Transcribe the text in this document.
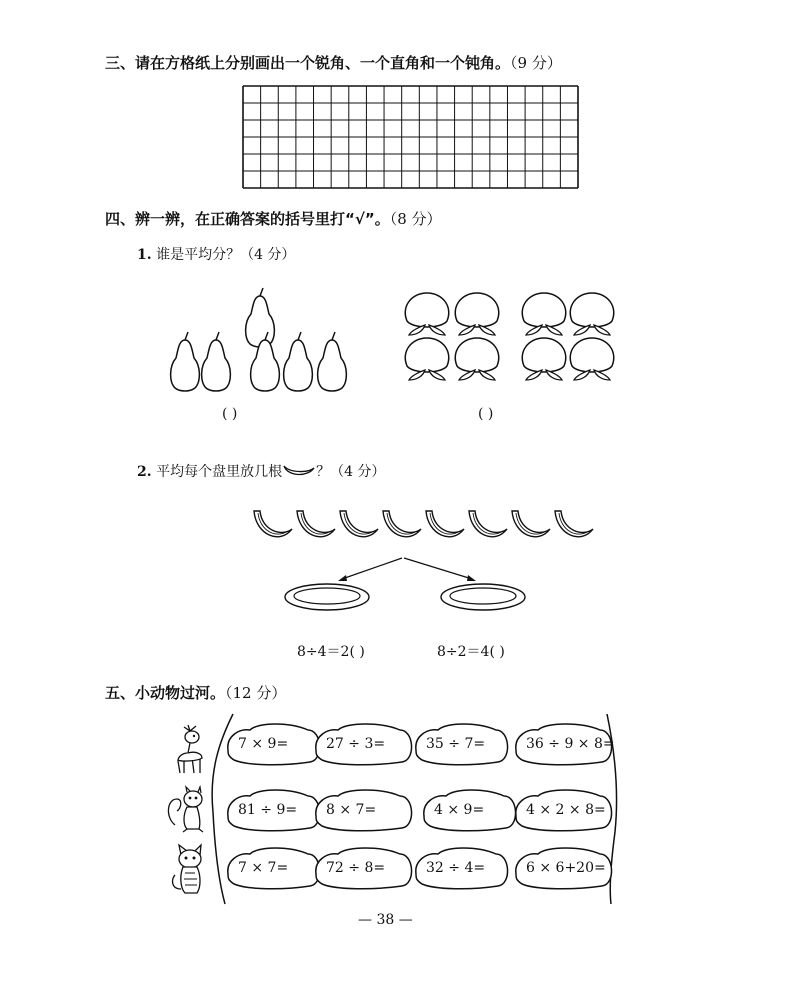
三、请在方格纸上分别画出一个锐角、一个直角和一个钝角。（9 分）
四、辨一辨，在正确答案的括号里打“√”。（8 分）
1. 谁是平均分？（4 分）
( )	( )
2. 平均每个盘里放几根 ？（4 分）
8÷4＝2( )	8÷2＝4( )
五、小动物过河。（12 分）
7 × 9=	27 ÷ 3=	35 ÷ 7=	36 ÷ 9 × 8=
81 ÷ 9= 8 × 7=	4 × 9=	4 × 2 × 8=
7 × 7=	72 ÷ 8=	32 ÷ 4=	6 × 6+20=
— 38 —
